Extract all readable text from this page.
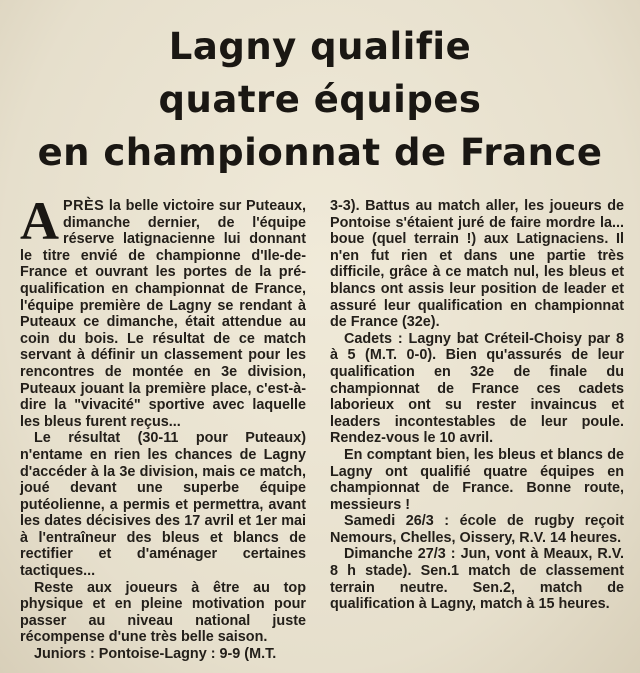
Lagny qualifie
quatre équipes
en championnat de France

APRÈS la belle victoire sur Puteaux, dimanche dernier, de l'équipe réserve latignacienne lui donnant le titre envié de championne d'Ile-de-France et ouvrant les portes de la pré-qualification en championnat de France, l'équipe première de Lagny se rendant à Puteaux ce dimanche, était attendue au coin du bois. Le résultat de ce match servant à définir un classement pour les rencontres de montée en 3e division, Puteaux jouant la première place, c'est-à-dire la "vivacité" sportive avec laquelle les bleus furent reçus...

Le résultat (30-11 pour Puteaux) n'entame en rien les chances de Lagny d'accéder à la 3e division, mais ce match, joué devant une superbe équipe putéolienne, a permis et permettra, avant les dates décisives des 17 avril et 1er mai à l'entraîneur des bleus et blancs de rectifier et d'aménager certaines tactiques...

Reste aux joueurs à être au top physique et en pleine motivation pour passer au niveau national juste récompense d'une très belle saison.

Juniors : Pontoise-Lagny : 9-9 (M.T.

3-3). Battus au match aller, les joueurs de Pontoise s'étaient juré de faire mordre la... boue (quel terrain !) aux Latignaciens. Il n'en fut rien et dans une partie très difficile, grâce à ce match nul, les bleus et blancs ont assis leur position de leader et assuré leur qualification en championnat de France (32e).

Cadets : Lagny bat Créteil-Choisy par 8 à 5 (M.T. 0-0). Bien qu'assurés de leur qualification en 32e de finale du championnat de France ces cadets laborieux ont su rester invaincus et leaders incontestables de leur poule. Rendez-vous le 10 avril.

En comptant bien, les bleus et blancs de Lagny ont qualifié quatre équipes en championnat de France. Bonne route, messieurs !

Samedi 26/3 : école de rugby reçoit Nemours, Chelles, Oissery, R.V. 14 heures.

Dimanche 27/3 : Jun, vont à Meaux, R.V. 8 h stade). Sen.1 match de classement terrain neutre. Sen.2, match de qualification à Lagny, match à 15 heures.
